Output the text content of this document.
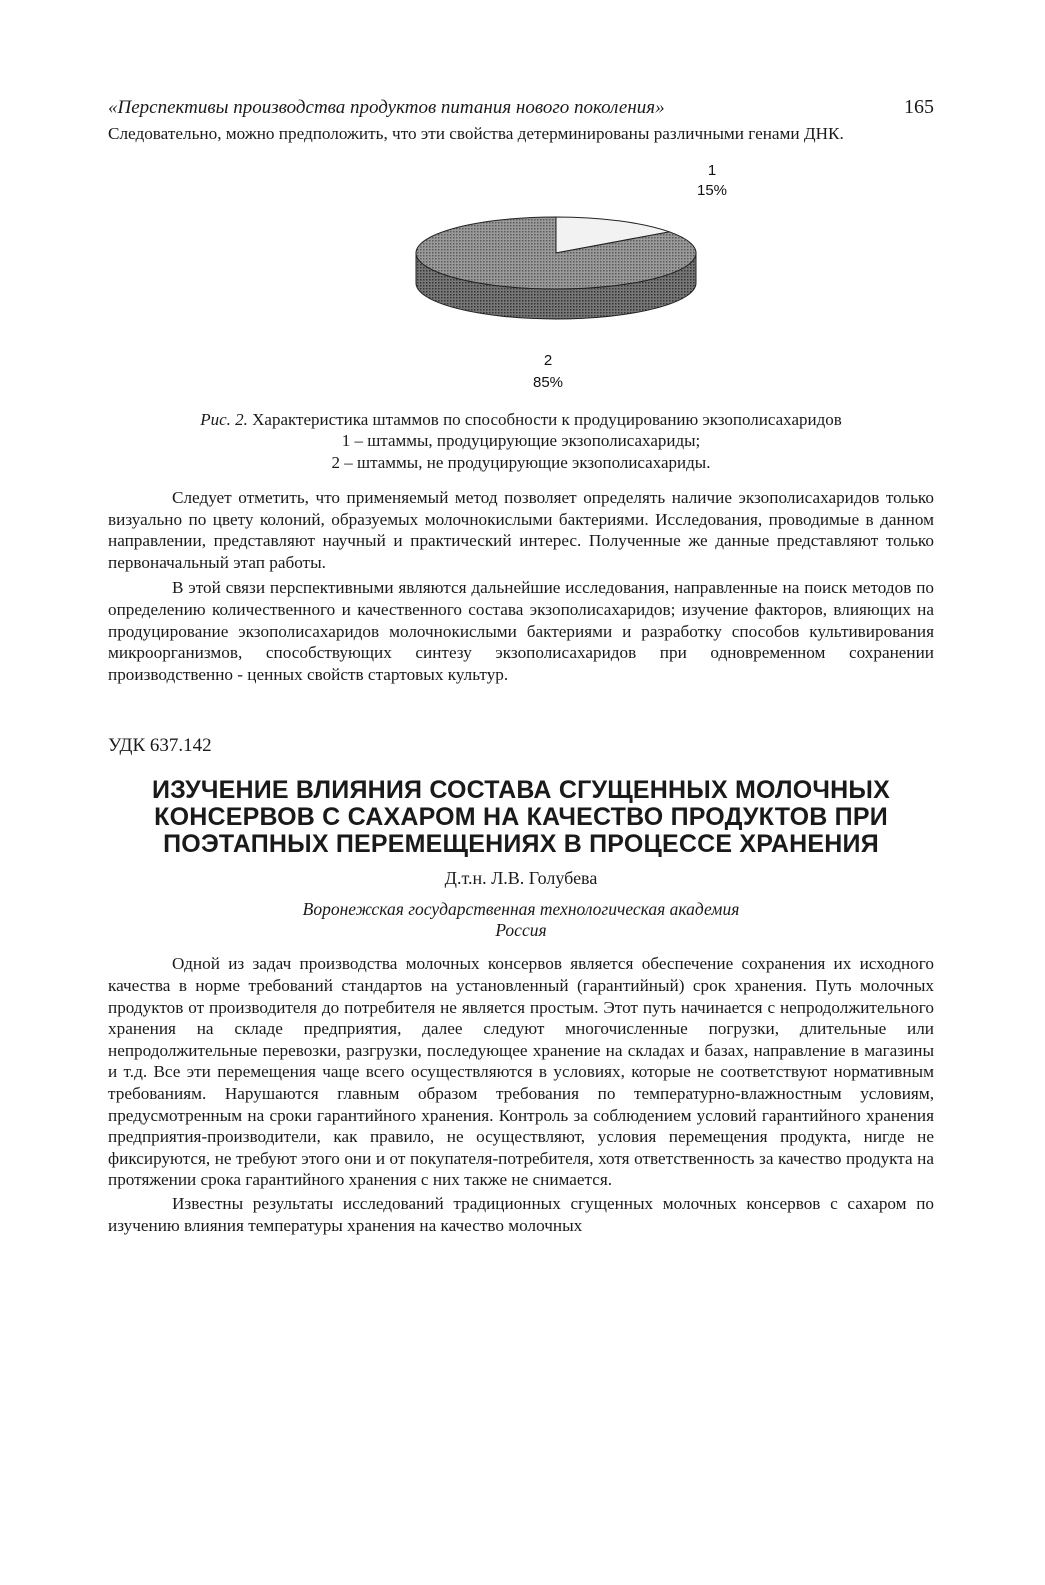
«Перспективы производства продуктов питания нового поколения»	165

Следовательно, можно предположить, что эти свойства детерминированы различными генами ДНК.

1
15%
2
85%
Рис. 2. Характеристика штаммов по способности к продуцированию экзополисахаридов
1 – штаммы, продуцирующие экзополисахариды;
2 – штаммы, не продуцирующие экзополисахариды.

Следует отметить, что применяемый метод позволяет определять наличие экзополисахаридов только визуально по цвету колоний, образуемых молочнокислыми бактериями. Исследования, проводимые в данном направлении, представляют научный и практический интерес. Полученные же данные представляют только первоначальный этап работы.

В этой связи перспективными являются дальнейшие исследования, направленные на поиск методов по определению количественного и качественного состава экзополисахаридов; изучение факторов, влияющих на продуцирование экзополисахаридов молочнокислыми бактериями и разработку способов культивирования микроорганизмов, способствующих синтезу экзополисахаридов при одновременном сохранении производственно - ценных свойств стартовых культур.

УДК 637.142
ИЗУЧЕНИЕ ВЛИЯНИЯ СОСТАВА СГУЩЕННЫХ МОЛОЧНЫХ
КОНСЕРВОВ С САХАРОМ НА КАЧЕСТВО ПРОДУКТОВ ПРИ
ПОЭТАПНЫХ ПЕРЕМЕЩЕНИЯХ В ПРОЦЕССЕ ХРАНЕНИЯ
Д.т.н. Л.В. Голубева
Воронежская государственная технологическая академия
Россия

Одной из задач производства молочных консервов является обеспечение сохранения их исходного качества в норме требований стандартов на установленный (гарантийный) срок хранения. Путь молочных продуктов от производителя до потребителя не является простым. Этот путь начинается с непродолжительного хранения на складе предприятия, далее следуют многочисленные погрузки, длительные или непродолжительные перевозки, разгрузки, последующее хранение на складах и базах, направление в магазины и т.д. Все эти перемещения чаще всего осуществляются в условиях, которые не соответствуют нормативным требованиям. Нарушаются главным образом требования по температурно-влажностным условиям, предусмотренным на сроки гарантийного хранения. Контроль за соблюдением условий гарантийного хранения предприятия-производители, как правило, не осуществляют, условия перемещения продукта, нигде не фиксируются, не требуют этого они и от покупателя-потребителя, хотя ответственность за качество продукта на протяжении срока гарантийного хранения с них также не снимается.

Известны результаты исследований традиционных сгущенных молочных консервов с сахаром по изучению влияния температуры хранения на качество молочных
